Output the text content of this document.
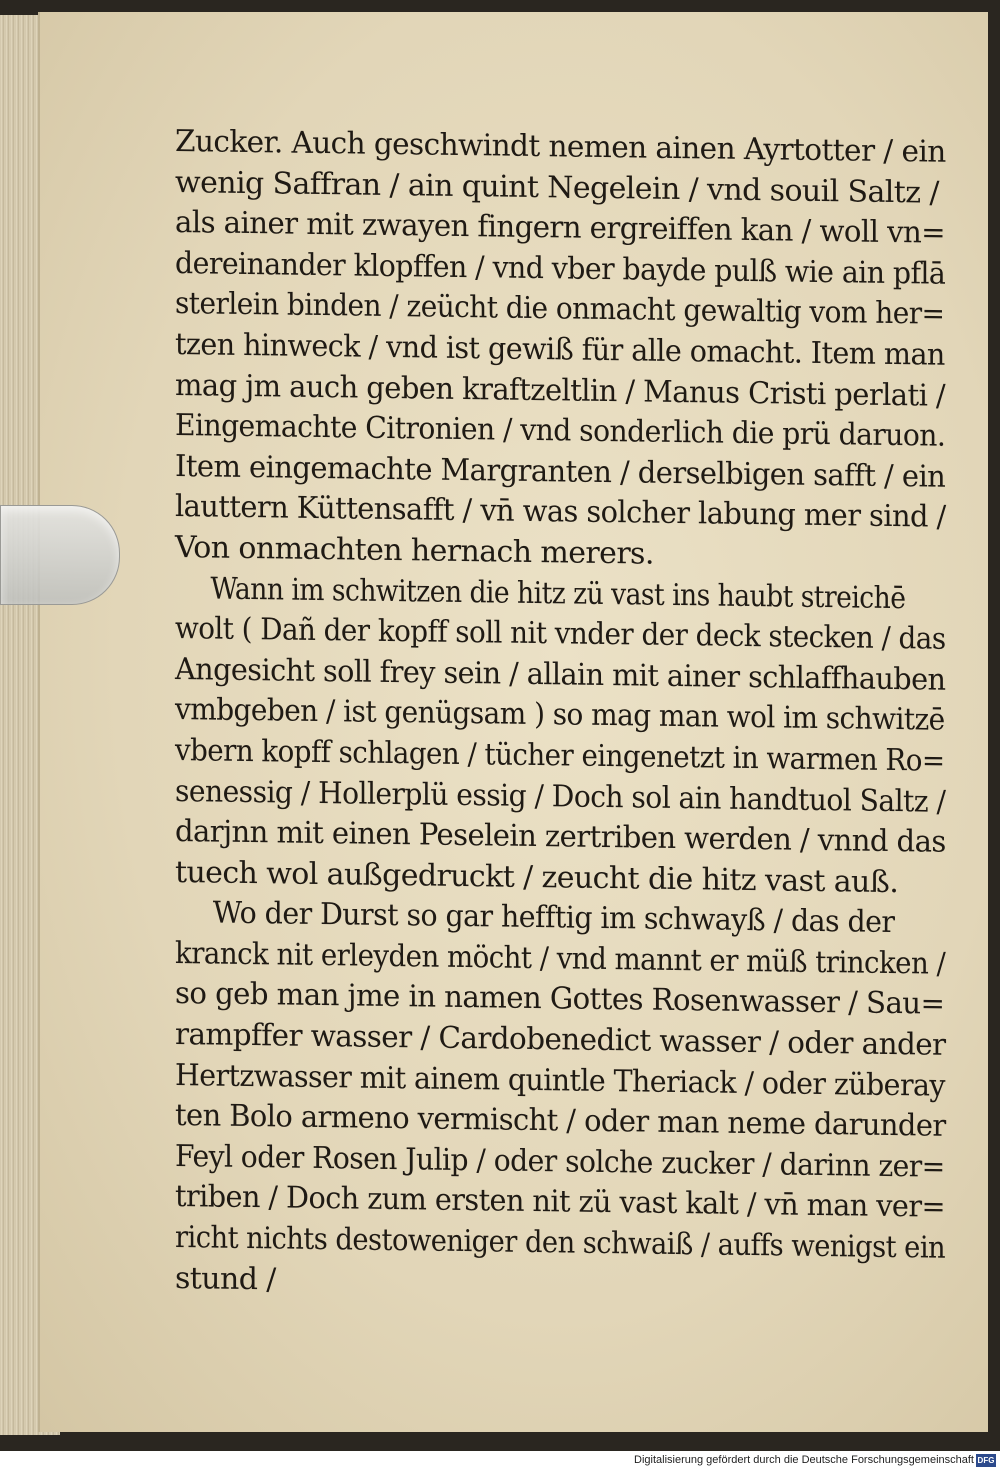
Zucker. Auch geschwindt nemen ainen Ayrtotter / ein
wenig Saffran / ain quint Negelein / vnd souil Saltz /
als ainer mit zwayen fingern ergreiffen kan / woll vn=
dereinander klopffen / vnd vber bayde pulß wie ain pflā
sterlein binden / zeücht die onmacht gewaltig vom her=
tzen hinweck / vnd ist gewiß für alle omacht. Item man
mag jm auch geben kraftzeltlin / Manus Cristi perlati /
Eingemachte Citronien / vnd sonderlich die prü daruon.
Item eingemachte Margranten / derselbigen safft / ein
lauttern Küttensafft / vn̄ was solcher labung mer sind /
Von onmachten hernach merers.
Wann im schwitzen die hitz zü vast ins haubt streichē
wolt ( Dañ der kopff soll nit vnder der deck stecken / das
Angesicht soll frey sein / allain mit ainer schlaffhauben
vmbgeben / ist genügsam ) so mag man wol im schwitzē
vbern kopff schlagen / tücher eingenetzt in warmen Ro=
senessig / Hollerplü essig / Doch sol ain handtuol Saltz /
darjnn mit einen Peselein zertriben werden / vnnd das
tuech wol außgedruckt / zeucht die hitz vast auß.
Wo der Durst so gar hefftig im schwayß / das der
kranck nit erleyden möcht / vnd mannt er müß trincken /
so geb man jme in namen Gottes Rosenwasser / Sau=
rampffer wasser / Cardobenedict wasser / oder ander
Hertzwasser mit ainem quintle Theriack / oder züberay
ten Bolo armeno vermischt / oder man neme darunder
Feyl oder Rosen Julip / oder solche zucker / darinn zer=
triben / Doch zum ersten nit zü vast kalt / vn̄ man ver=
richt nichts destoweniger den schwaiß / auffs wenigst ein
stund /
Digitalisierung gefördert durch die Deutsche Forschungsgemeinschaft DFG
